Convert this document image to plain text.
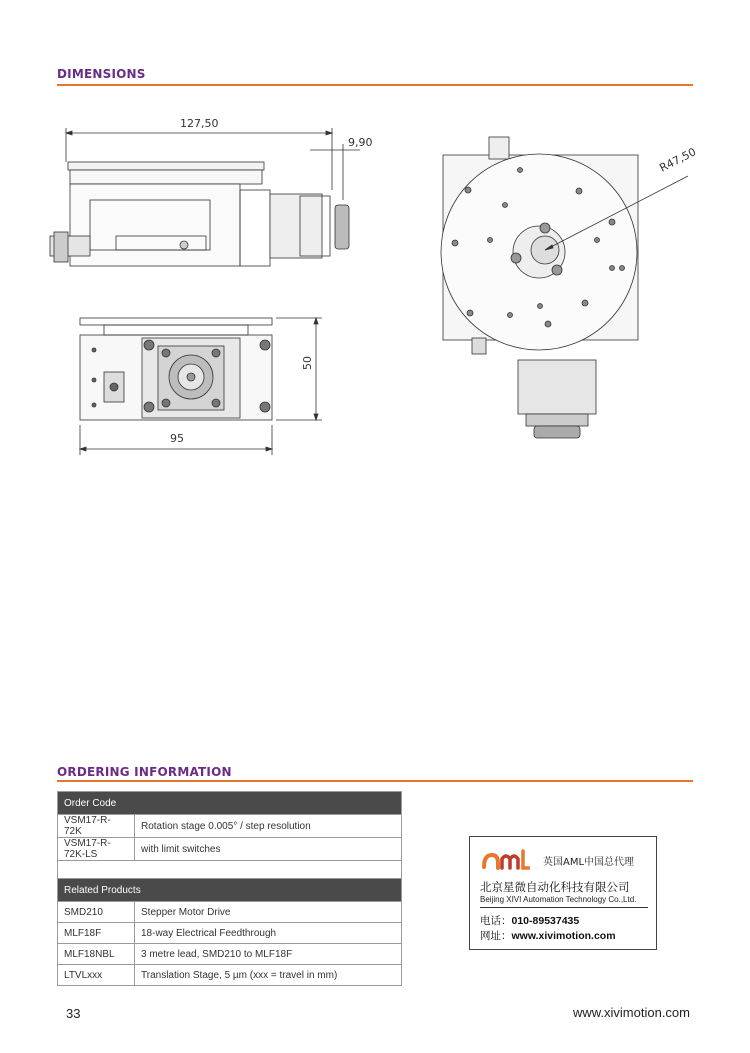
DIMENSIONS
127,50
9,90
R47,50
50
95
ORDERING INFORMATION
Order Code	
VSM17-R-72K	Rotation stage 0.005° / step resolution
VSM17-R-72K-LS	with limit switches

Related Products	
SMD210	Stepper Motor Drive
MLF18F	18-way Electrical Feedthrough
MLF18NBL	3 metre lead, SMD210 to MLF18F
LTVLxxx	Translation Stage, 5 µm (xxx = travel in mm)
英国AML中国总代理
北京星微自动化科技有限公司
Beijing XIVI Automation Technology Co.,Ltd.
电话：010-89537435
网址：www.xivimotion.com
33	www.xivimotion.com
